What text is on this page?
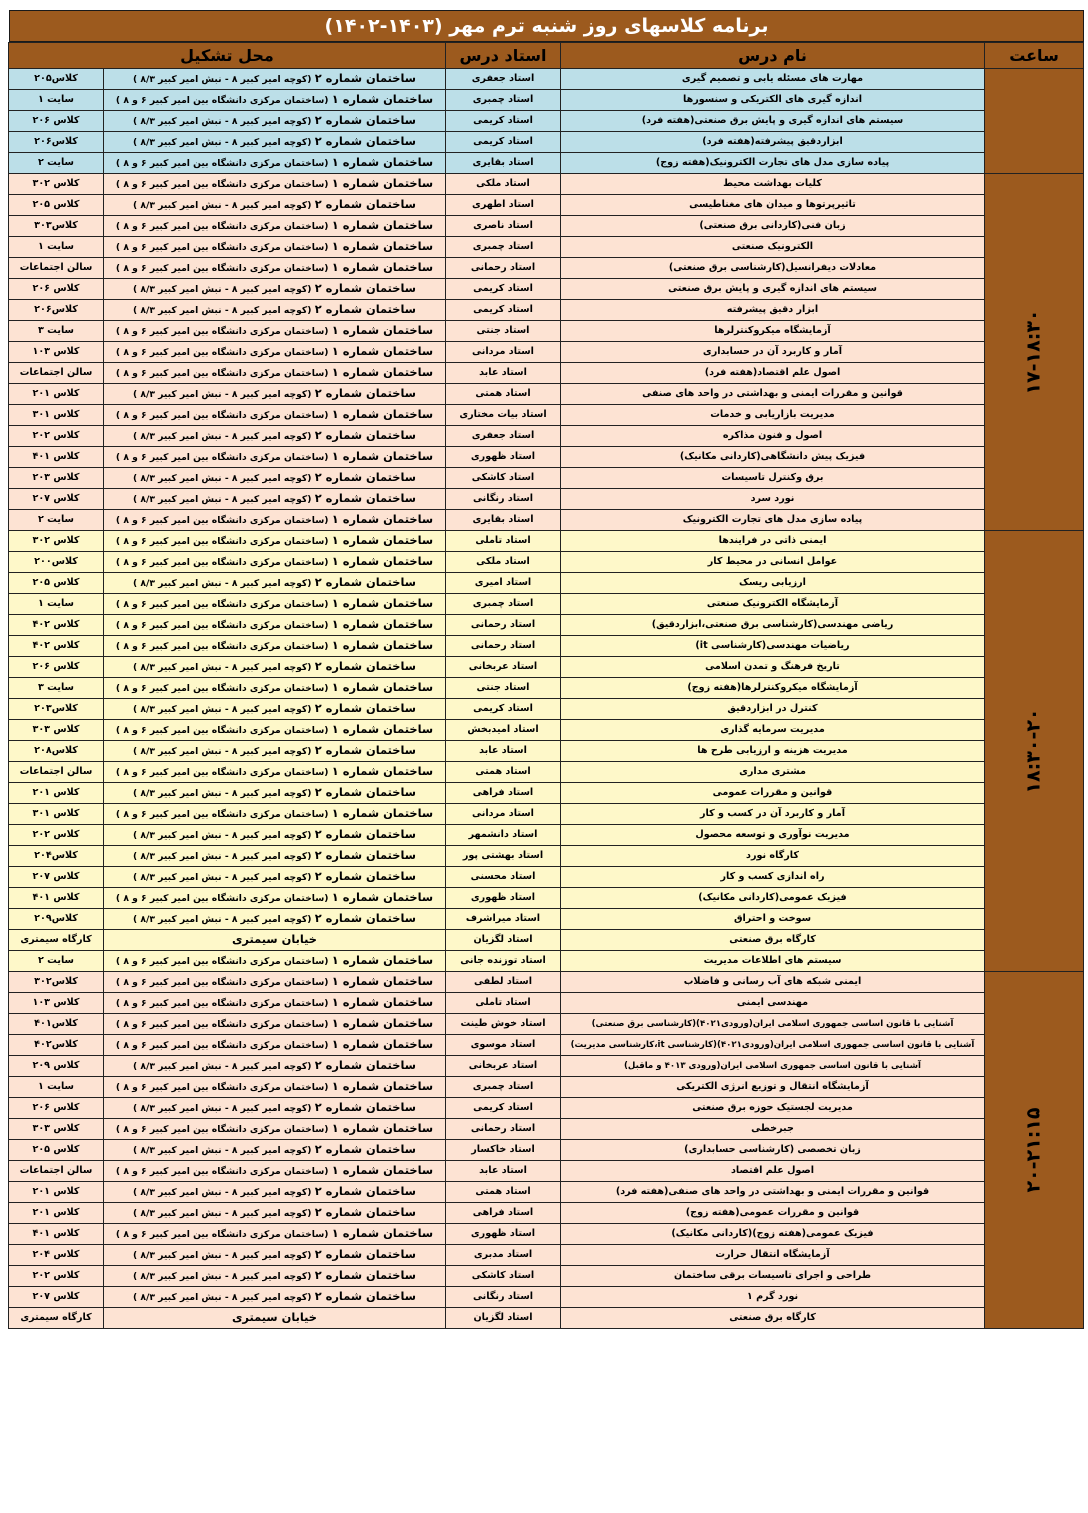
برنامه کلاسهای روز شنبه ترم مهر (۱۴۰۳-۱۴۰۲)
ساعت	نام درس	استاد درس	محل تشکیل	
	مهارت های مسئله یابی و تصمیم گیری	استاد جعفری	ساختمان شماره ۲ (کوچه امیر کبیر ۸ - نبش امیر کبیر ۸/۳ )	کلاس۲۰۵
	اندازه گیری های الکتریکی و سنسورها	استاد چمبری	ساختمان شماره ۱ (ساختمان مرکزی دانشگاه بین امیر کبیر ۶ و ۸ )	سایت ۱
	سیستم های اندازه گیری و پایش برق صنعتی(هفته فرد)	استاد کریمی	ساختمان شماره ۲ (کوچه امیر کبیر ۸ - نبش امیر کبیر ۸/۳ )	کلاس ۲۰۶
	ابزاردقیق پیشرفته(هفته فرد)	استاد کریمی	ساختمان شماره ۲ (کوچه امیر کبیر ۸ - نبش امیر کبیر ۸/۳ )	کلاس۲۰۶
	پیاده سازی مدل های تجارت الکترونیک(هفته زوج)	استاد بقایری	ساختمان شماره ۱ (ساختمان مرکزی دانشگاه بین امیر کبیر ۶ و ۸ )	سایت ۲
۱۷-۱۸:۳۰	کلیات بهداشت محیط	استاد ملکی	ساختمان شماره ۱ (ساختمان مرکزی دانشگاه بین امیر کبیر ۶ و ۸ )	کلاس ۳۰۲
	تاثیرپرتوها و میدان های مغناطیسی	استاد اطهری	ساختمان شماره ۲ (کوچه امیر کبیر ۸ - نبش امیر کبیر ۸/۳ )	کلاس ۲۰۵
	زبان فنی(کاردانی برق صنعتی)	استاد ناصری	ساختمان شماره ۱ (ساختمان مرکزی دانشگاه بین امیر کبیر ۶ و ۸ )	کلاس۳۰۳
	الکترونیک صنعتی	استاد چمبری	ساختمان شماره ۱ (ساختمان مرکزی دانشگاه بین امیر کبیر ۶ و ۸ )	سایت ۱
	معادلات دیفرانسیل(کارشناسی برق صنعتی)	استاد رحمانی	ساختمان شماره ۱ (ساختمان مرکزی دانشگاه بین امیر کبیر ۶ و ۸ )	سالن اجتماعات
	سیستم های اندازه گیری و پایش برق صنعتی	استاد کریمی	ساختمان شماره ۲ (کوچه امیر کبیر ۸ - نبش امیر کبیر ۸/۳ )	کلاس ۲۰۶
	ابزار دقیق پیشرفته	استاد کریمی	ساختمان شماره ۲ (کوچه امیر کبیر ۸ - نبش امیر کبیر ۸/۳ )	کلاس۲۰۶
	آزمایشگاه میکروکنترلرها	استاد جنتی	ساختمان شماره ۱ (ساختمان مرکزی دانشگاه بین امیر کبیر ۶ و ۸ )	سایت ۳
	آمار و کاربرد آن در حسابداری	استاد مردانی	ساختمان شماره ۱ (ساختمان مرکزی دانشگاه بین امیر کبیر ۶ و ۸ )	کلاس ۱۰۳
	اصول علم اقتصاد(هفته فرد)	استاد عابد	ساختمان شماره ۱ (ساختمان مرکزی دانشگاه بین امیر کبیر ۶ و ۸ )	سالن اجتماعات
	قوانین و مقررات ایمنی و بهداشتی در واحد های صنفی	استاد همتی	ساختمان شماره ۲ (کوچه امیر کبیر ۸ - نبش امیر کبیر ۸/۳ )	کلاس ۲۰۱
	مدیریت بازاریابی و خدمات	استاد بیات مختاری	ساختمان شماره ۱ (ساختمان مرکزی دانشگاه بین امیر کبیر ۶ و ۸ )	کلاس ۳۰۱
	اصول و فنون مذاکره	استاد جعفری	ساختمان شماره ۲ (کوچه امیر کبیر ۸ - نبش امیر کبیر ۸/۳ )	کلاس ۲۰۲
	فیزیک پیش دانشگاهی(کاردانی مکانیک)	استاد ظهوری	ساختمان شماره ۱ (ساختمان مرکزی دانشگاه بین امیر کبیر ۶ و ۸ )	کلاس ۴۰۱
	برق وکنترل تاسیسات	استاد کاشکی	ساختمان شماره ۲ (کوچه امیر کبیر ۸ - نبش امیر کبیر ۸/۳ )	کلاس ۲۰۳
	نورد سرد	استاد رنگانی	ساختمان شماره ۲ (کوچه امیر کبیر ۸ - نبش امیر کبیر ۸/۳ )	کلاس ۲۰۷
	پیاده سازی مدل های تجارت الکترونیک	استاد بقایری	ساختمان شماره ۱ (ساختمان مرکزی دانشگاه بین امیر کبیر ۶ و ۸ )	سایت ۲
۱۸:۳۰-۲۰	ایمنی ذاتی در فرایندها	استاد تاملی	ساختمان شماره ۱ (ساختمان مرکزی دانشگاه بین امیر کبیر ۶ و ۸ )	کلاس ۳۰۲
	عوامل انسانی در محیط کار	استاد ملکی	ساختمان شماره ۱ (ساختمان مرکزی دانشگاه بین امیر کبیر ۶ و ۸ )	کلاس۲۰۰
	ارزیابی ریسک	استاد امیری	ساختمان شماره ۲ (کوچه امیر کبیر ۸ - نبش امیر کبیر ۸/۳ )	کلاس ۲۰۵
	آزمایشگاه الکترونیک صنعتی	استاد چمبری	ساختمان شماره ۱ (ساختمان مرکزی دانشگاه بین امیر کبیر ۶ و ۸ )	سایت ۱
	ریاضی مهندسی(کارشناسی برق صنعتی،ابزاردقیق)	استاد رحمانی	ساختمان شماره ۱ (ساختمان مرکزی دانشگاه بین امیر کبیر ۶ و ۸ )	کلاس ۴۰۲
	ریاضیات مهندسی(کارشناسی it)	استاد رحمانی	ساختمان شماره ۱ (ساختمان مرکزی دانشگاه بین امیر کبیر ۶ و ۸ )	کلاس ۴۰۲
	تاریخ فرهنگ و تمدن اسلامی	استاد عربخانی	ساختمان شماره ۲ (کوچه امیر کبیر ۸ - نبش امیر کبیر ۸/۳ )	کلاس ۲۰۶
	آزمایشگاه میکروکنترلرها(هفته زوج)	استاد جنتی	ساختمان شماره ۱ (ساختمان مرکزی دانشگاه بین امیر کبیر ۶ و ۸ )	سایت ۳
	کنترل در ابزاردقیق	استاد کریمی	ساختمان شماره ۲ (کوچه امیر کبیر ۸ - نبش امیر کبیر ۸/۳ )	کلاس۲۰۳
	مدیریت سرمایه گذاری	استاد امیدبخش	ساختمان شماره ۱ (ساختمان مرکزی دانشگاه بین امیر کبیر ۶ و ۸ )	کلاس ۳۰۳
	مدیریت هزینه و ارزیابی طرح ها	استاد عابد	ساختمان شماره ۲ (کوچه امیر کبیر ۸ - نبش امیر کبیر ۸/۳ )	کلاس۲۰۸
	مشتری مداری	استاد همتی	ساختمان شماره ۱ (ساختمان مرکزی دانشگاه بین امیر کبیر ۶ و ۸ )	سالن اجتماعات
	قوانین و مقررات عمومی	استاد فراهی	ساختمان شماره ۲ (کوچه امیر کبیر ۸ - نبش امیر کبیر ۸/۳ )	کلاس ۲۰۱
	آمار و کاربرد آن در کسب و کار	استاد مردانی	ساختمان شماره ۱ (ساختمان مرکزی دانشگاه بین امیر کبیر ۶ و ۸ )	کلاس ۳۰۱
	مدیریت نوآوری و توسعه محصول	استاد دانشمهر	ساختمان شماره ۲ (کوچه امیر کبیر ۸ - نبش امیر کبیر ۸/۳ )	کلاس ۲۰۲
	کارگاه نورد	استاد بهشتی پور	ساختمان شماره ۲ (کوچه امیر کبیر ۸ - نبش امیر کبیر ۸/۳ )	کلاس۲۰۴
	راه اندازی کسب و کار	استاد محسنی	ساختمان شماره ۲ (کوچه امیر کبیر ۸ - نبش امیر کبیر ۸/۳ )	کلاس ۲۰۷
	فیزیک عمومی(کاردانی مکانیک)	استاد ظهوری	ساختمان شماره ۱ (ساختمان مرکزی دانشگاه بین امیر کبیر ۶ و ۸ )	کلاس ۴۰۱
	سوخت و احتراق	استاد میراشرف	ساختمان شماره ۲ (کوچه امیر کبیر ۸ - نبش امیر کبیر ۸/۳ )	کلاس۲۰۹
	کارگاه برق صنعتی	استاد لگزیان	خیابان سیمتری	کارگاه سیمتری
	سیستم های اطلاعات مدیریت	استاد توزنده جانی	ساختمان شماره ۱ (ساختمان مرکزی دانشگاه بین امیر کبیر ۶ و ۸ )	سایت ۲
۲۰-۲۱:۱۵	ایمنی شبکه های آب رسانی و فاضلاب	استاد لطفی	ساختمان شماره ۱ (ساختمان مرکزی دانشگاه بین امیر کبیر ۶ و ۸ )	کلاس۳۰۲
	مهندسی ایمنی	استاد تاملی	ساختمان شماره ۱ (ساختمان مرکزی دانشگاه بین امیر کبیر ۶ و ۸ )	کلاس ۱۰۳
	آشنایی با قانون اساسی جمهوری اسلامی ایران(ورودی۴۰۲۱)(کارشناسی برق صنعتی)	استاد خوش طینت	ساختمان شماره ۱ (ساختمان مرکزی دانشگاه بین امیر کبیر ۶ و ۸ )	کلاس۴۰۱
	آشنایی با قانون اساسی جمهوری اسلامی ایران(ورودی۴۰۲۱)(کارشناسی it،کارشناسی مدیریت)	استاد موسوی	ساختمان شماره ۱ (ساختمان مرکزی دانشگاه بین امیر کبیر ۶ و ۸ )	کلاس۴۰۲
	آشنایی با قانون اساسی جمهوری اسلامی ایران(ورودی ۴۰۱۳ و ماقبل)	استاد عربخانی	ساختمان شماره ۲ (کوچه امیر کبیر ۸ - نبش امیر کبیر ۸/۳ )	کلاس ۲۰۹
	آزمایشگاه انتقال و توزیع انرژی الکتریکی	استاد چمبری	ساختمان شماره ۱ (ساختمان مرکزی دانشگاه بین امیر کبیر ۶ و ۸ )	سایت ۱
	مدیریت لجستیک حوزه برق صنعتی	استاد کریمی	ساختمان شماره ۲ (کوچه امیر کبیر ۸ - نبش امیر کبیر ۸/۳ )	کلاس ۲۰۶
	جبرخطی	استاد رحمانی	ساختمان شماره ۱ (ساختمان مرکزی دانشگاه بین امیر کبیر ۶ و ۸ )	کلاس ۳۰۳
	زبان تخصصی (کارشناسی حسابداری)	استاد خاکسار	ساختمان شماره ۲ (کوچه امیر کبیر ۸ - نبش امیر کبیر ۸/۳ )	کلاس ۲۰۵
	اصول علم اقتصاد	استاد عابد	ساختمان شماره ۱ (ساختمان مرکزی دانشگاه بین امیر کبیر ۶ و ۸ )	سالن اجتماعات
	قوانین و مقررات ایمنی و بهداشتی در واحد های صنفی(هفته فرد)	استاد همتی	ساختمان شماره ۲ (کوچه امیر کبیر ۸ - نبش امیر کبیر ۸/۳ )	کلاس ۲۰۱
	قوانین و مقررات عمومی(هفته زوج)	استاد فراهی	ساختمان شماره ۲ (کوچه امیر کبیر ۸ - نبش امیر کبیر ۸/۳ )	کلاس ۲۰۱
	فیزیک عمومی(هفته زوج)(کاردانی مکانیک)	استاد ظهوری	ساختمان شماره ۱ (ساختمان مرکزی دانشگاه بین امیر کبیر ۶ و ۸ )	کلاس ۴۰۱
	آزمایشگاه انتقال حرارت	استاد مدبری	ساختمان شماره ۲ (کوچه امیر کبیر ۸ - نبش امیر کبیر ۸/۳ )	کلاس ۲۰۴
	طراحی و اجرای تاسیسات برقی ساختمان	استاد کاشکی	ساختمان شماره ۲ (کوچه امیر کبیر ۸ - نبش امیر کبیر ۸/۳ )	کلاس ۲۰۲
	نورد گرم ۱	استاد رنگانی	ساختمان شماره ۲ (کوچه امیر کبیر ۸ - نبش امیر کبیر ۸/۳ )	کلاس ۲۰۷
	کارگاه برق صنعتی	استاد لگزیان	خیابان سیمتری	کارگاه سیمتری
